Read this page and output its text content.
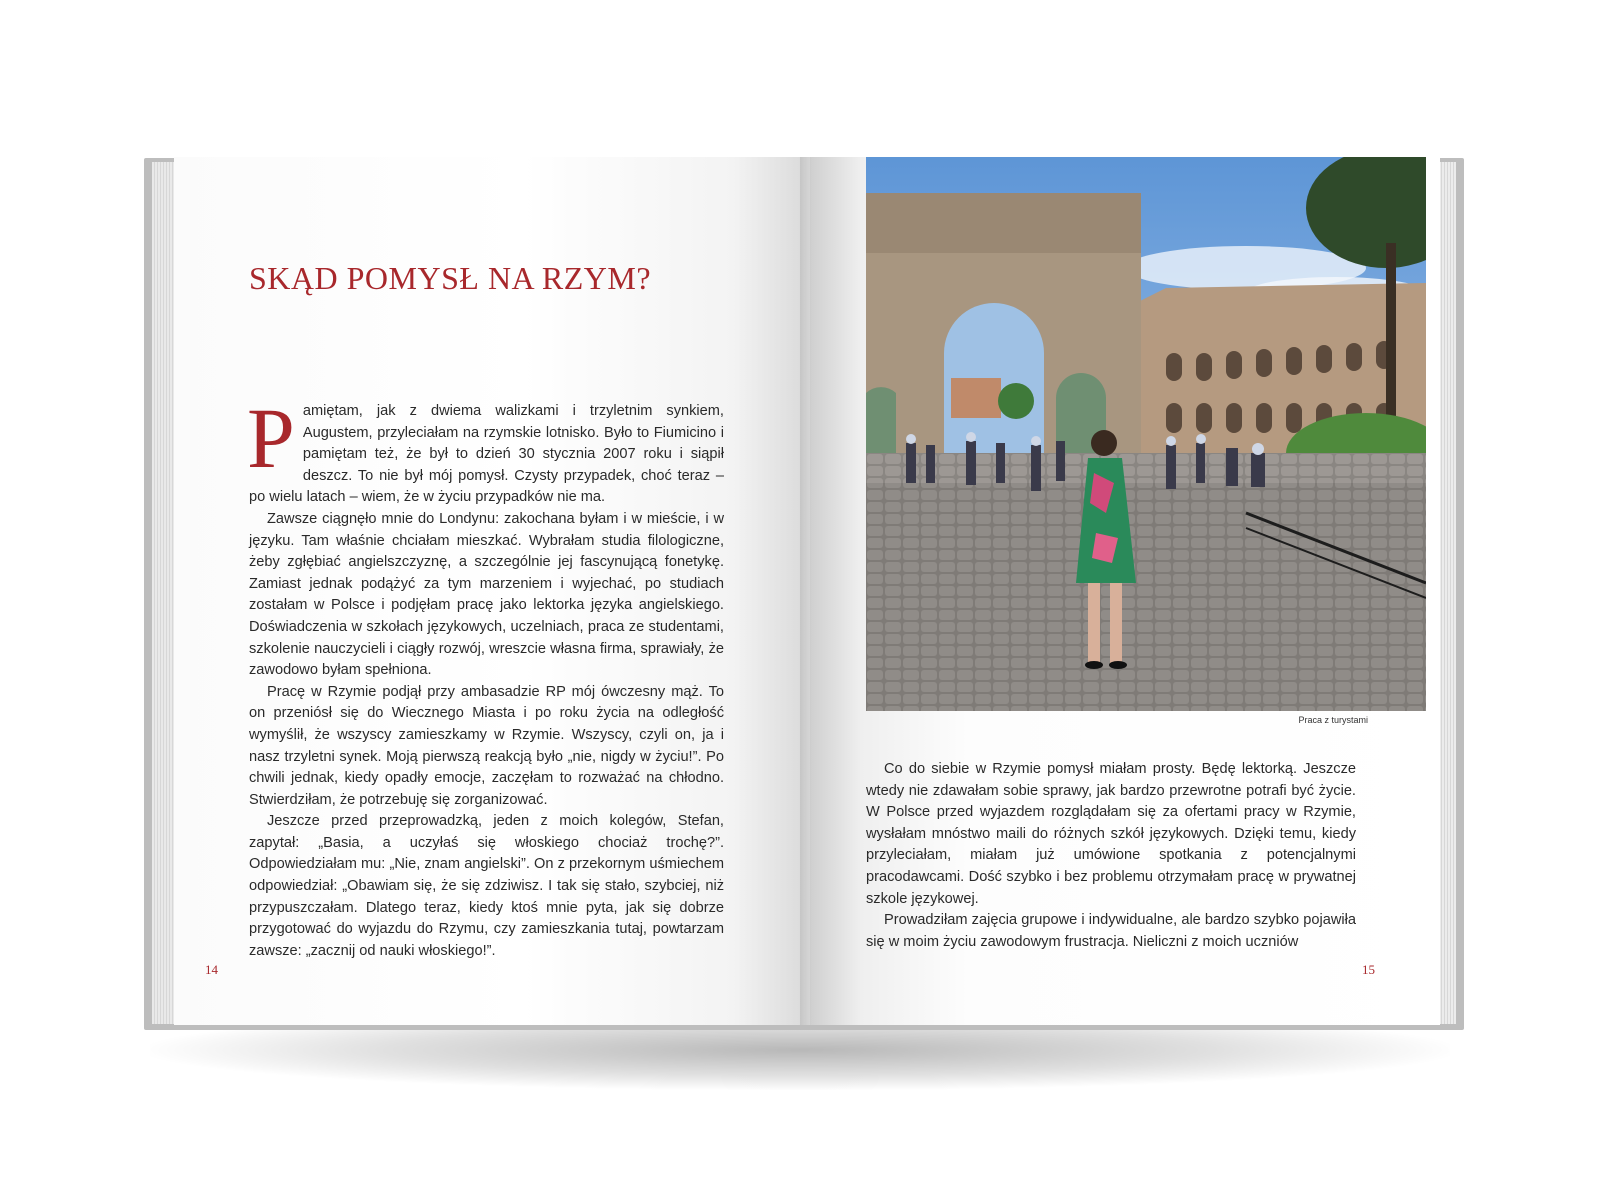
SKĄD POMYSŁ NA RZYM?

Pamiętam, jak z dwiema walizkami i trzyletnim synkiem, Augustem, przyleciałam na rzymskie lotnisko. Było to Fiumicino i pamiętam też, że był to dzień 30 stycznia 2007 roku i siąpił deszcz. To nie był mój pomysł. Czysty przypadek, choć teraz – po wielu latach – wiem, że w życiu przypadków nie ma.

Zawsze ciągnęło mnie do Londynu: zakochana byłam i w mieście, i w języku. Tam właśnie chciałam mieszkać. Wybrałam studia filologiczne, żeby zgłębiać angielszczyznę, a szczególnie jej fascynującą fonetykę. Zamiast jednak podążyć za tym marzeniem i wyjechać, po studiach zostałam w Polsce i podjęłam pracę jako lektorka języka angielskiego. Doświadczenia w szkołach językowych, uczelniach, praca ze studentami, szkolenie nauczycieli i ciągły rozwój, wreszcie własna firma, sprawiały, że zawodowo byłam spełniona.

Pracę w Rzymie podjął przy ambasadzie RP mój ówczesny mąż. To on przeniósł się do Wiecznego Miasta i po roku życia na odległość wymyślił, że wszyscy zamieszkamy w Rzymie. Wszyscy, czyli on, ja i nasz trzyletni synek. Moją pierwszą reakcją było „nie, nigdy w życiu!”. Po chwili jednak, kiedy opadły emocje, zaczęłam to rozważać na chłodno. Stwierdziłam, że potrzebuję się zorganizować.

Jeszcze przed przeprowadzką, jeden z moich kolegów, Stefan, zapytał: „Basia, a uczyłaś się włoskiego chociaż trochę?”. Odpowiedziałam mu: „Nie, znam angielski”. On z przekornym uśmiechem odpowiedział: „Obawiam się, że się zdziwisz. I tak się stało, szybciej, niż przypuszczałam. Dlatego teraz, kiedy ktoś mnie pyta, jak się dobrze przygotować do wyjazdu do Rzymu, czy zamieszkania tutaj, powtarzam zawsze: „zacznij od nauki włoskiego!”.

14
Praca z turystami

Co do siebie w Rzymie pomysł miałam prosty. Będę lektorką. Jeszcze wtedy nie zdawałam sobie sprawy, jak bardzo przewrotne potrafi być życie. W Polsce przed wyjazdem rozglądałam się za ofertami pracy w Rzymie, wysłałam mnóstwo maili do różnych szkół językowych. Dzięki temu, kiedy przyleciałam, miałam już umówione spotkania z potencjalnymi pracodawcami. Dość szybko i bez problemu otrzymałam pracę w prywatnej szkole językowej.

Prowadziłam zajęcia grupowe i indywidualne, ale bardzo szybko pojawiła się w moim życiu zawodowym frustracja. Nieliczni z moich uczniów

15
